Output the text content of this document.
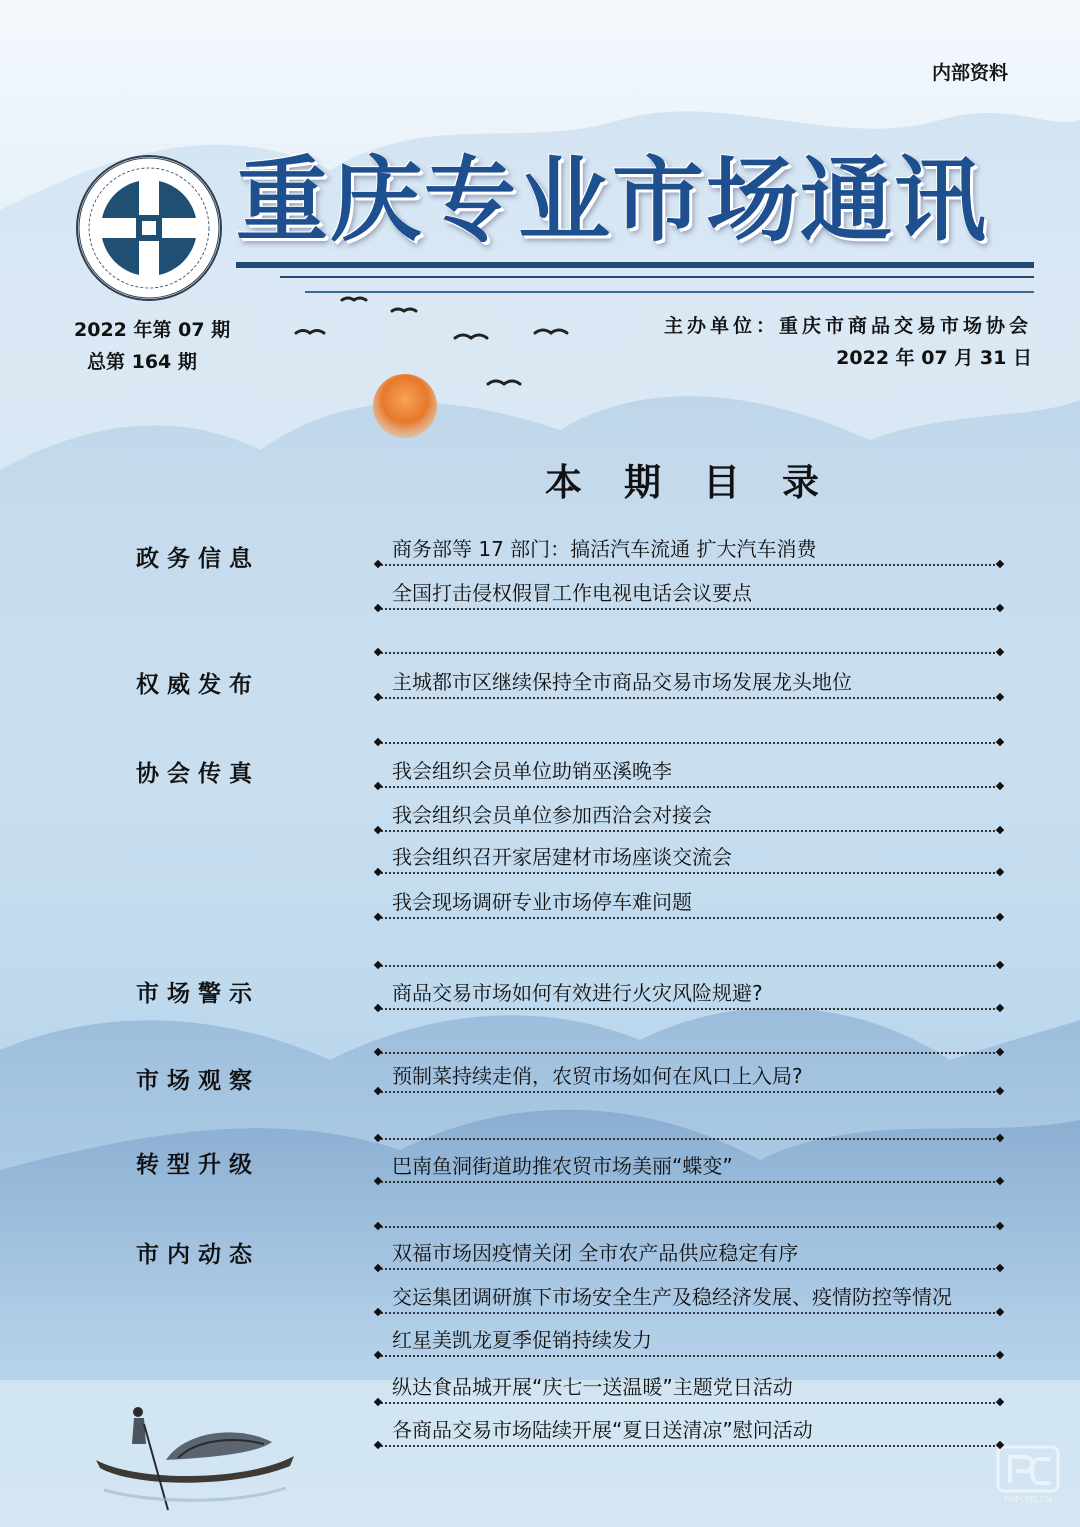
内部资料
重庆专业市场通讯
2022 年第 07 期
总第 164 期
主办单位：重庆市商品交易市场协会
2022 年 07 月 31 日
本期目录
政务信息	商务部等 17 部门：搞活汽车流通 扩大汽车消费
全国打击侵权假冒工作电视电话会议要点
权威发布	主城都市区继续保持全市商品交易市场发展龙头地位
协会传真	我会组织会员单位助销巫溪晚李
我会组织会员单位参加西洽会对接会
我会组织召开家居建材市场座谈交流会
我会现场调研专业市场停车难问题
市场警示	商品交易市场如何有效进行火灾风险规避?
市场观察	预制菜持续走俏，农贸市场如何在风口上入局?
转型升级	巴南鱼洞街道助推农贸市场美丽“蝶变”
市内动态	双福市场因疫情关闭 全市农产品供应稳定有序
交运集团调研旗下市场安全生产及稳经济发展、疫情防控等情况
红星美凯龙夏季促销持续发力
纵达食品城开展“庆七一送温暖”主题党日活动
各商品交易市场陆续开展“夏日送清凉”慰问活动
PHPCMS.CN
